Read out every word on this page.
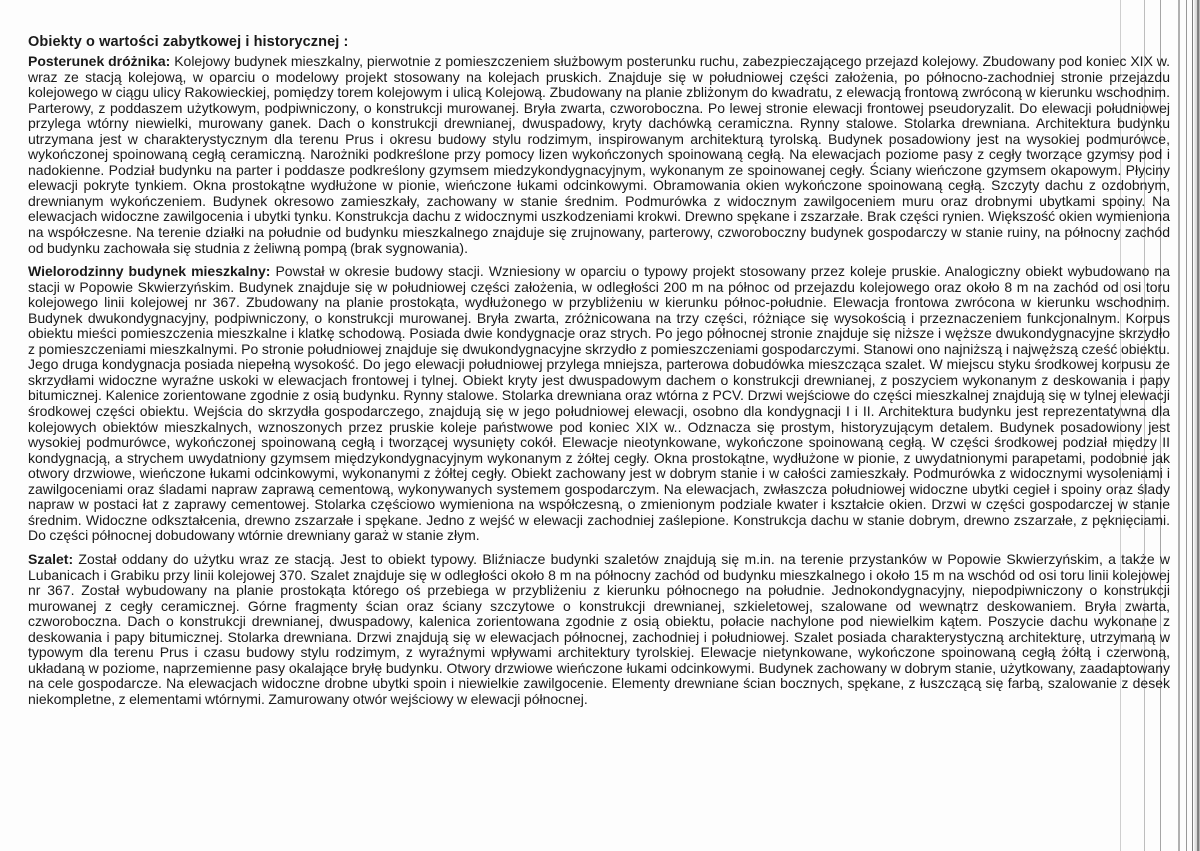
Obiekty o wartości zabytkowej i historycznej :

Posterunek dróżnika: Kolejowy budynek mieszkalny, pierwotnie z pomieszczeniem służbowym posterunku ruchu, zabezpieczającego przejazd kolejowy. Zbudowany pod koniec XIX w. wraz ze stacją kolejową, w oparciu o modelowy projekt stosowany na kolejach pruskich. Znajduje się w południowej części założenia, po północno-zachodniej stronie przejazdu kolejowego w ciągu ulicy Rakowieckiej, pomiędzy torem kolejowym i ulicą Kolejową. Zbudowany na planie zbliżonym do kwadratu, z elewacją frontową zwróconą w kierunku wschodnim. Parterowy, z poddaszem użytkowym, podpiwniczony, o konstrukcji murowanej. Bryła zwarta, czworoboczna. Po lewej stronie elewacji frontowej pseudoryzalit. Do elewacji południowej przylega wtórny niewielki, murowany ganek. Dach o konstrukcji drewnianej, dwuspadowy, kryty dachówką ceramiczna. Rynny stalowe. Stolarka drewniana. Architektura budynku utrzymana jest w charakterystycznym dla terenu Prus i okresu budowy stylu rodzimym, inspirowanym architekturą tyrolską. Budynek posadowiony jest na wysokiej podmurówce, wykończonej spoinowaną cegłą ceramiczną. Narożniki podkreślone przy pomocy lizen wykończonych spoinowaną cegłą. Na elewacjach poziome pasy z cegły tworzące gzymsy pod i nadokienne. Podział budynku na parter i poddasze podkreślony gzymsem miedzykondygnacyjnym, wykonanym ze spoinowanej cegły. Ściany wieńczone gzymsem okapowym. Płyciny elewacji pokryte tynkiem. Okna prostokątne wydłużone w pionie, wieńczone łukami odcinkowymi. Obramowania okien wykończone spoinowaną cegłą. Szczyty dachu z ozdobnym, drewnianym wykończeniem. Budynek okresowo zamieszkały, zachowany w stanie średnim. Podmurówka z widocznym zawilgoceniem muru oraz drobnymi ubytkami spoiny. Na elewacjach widoczne zawilgocenia i ubytki tynku. Konstrukcja dachu z widocznymi uszkodzeniami krokwi. Drewno spękane i zszarzałe. Brak części rynien. Większość okien wymieniona na współczesne. Na terenie działki na południe od budynku mieszkalnego znajduje się zrujnowany, parterowy, czworoboczny budynek gospodarczy w stanie ruiny, na północny zachód od budynku zachowała się studnia z żeliwną pompą (brak sygnowania).

Wielorodzinny budynek mieszkalny: Powstał w okresie budowy stacji. Wzniesiony w oparciu o typowy projekt stosowany przez koleje pruskie. Analogiczny obiekt wybudowano na stacji w Popowie Skwierzyńskim. Budynek znajduje się w południowej części założenia, w odległości 200 m na północ od przejazdu kolejowego oraz około 8 m na zachód od osi toru kolejowego linii kolejowej nr 367. Zbudowany na planie prostokąta, wydłużonego w przybliżeniu w kierunku północ-południe. Elewacja frontowa zwrócona w kierunku wschodnim. Budynek dwukondygnacyjny, podpiwniczony, o konstrukcji murowanej. Bryła zwarta, zróżnicowana na trzy części, różniące się wysokością i przeznaczeniem funkcjonalnym. Korpus obiektu mieści pomieszczenia mieszkalne i klatkę schodową. Posiada dwie kondygnacje oraz strych. Po jego północnej stronie znajduje się niższe i węższe dwukondygnacyjne skrzydło z pomieszczeniami mieszkalnymi. Po stronie południowej znajduje się dwukondygnacyjne skrzydło z pomieszczeniami gospodarczymi. Stanowi ono najniższą i najwęższą cześć obiektu. Jego druga kondygnacja posiada niepełną wysokość. Do jego elewacji południowej przylega mniejsza, parterowa dobudówka mieszcząca szalet. W miejscu styku środkowej korpusu ze skrzydłami widoczne wyraźne uskoki w elewacjach frontowej i tylnej. Obiekt kryty jest dwuspadowym dachem o konstrukcji drewnianej, z poszyciem wykonanym z deskowania i papy bitumicznej. Kalenice zorientowane zgodnie z osią budynku. Rynny stalowe. Stolarka drewniana oraz wtórna z PCV. Drzwi wejściowe do części mieszkalnej znajdują się w tylnej elewacji środkowej części obiektu. Wejścia do skrzydła gospodarczego, znajdują się w jego południowej elewacji, osobno dla kondygnacji I i II. Architektura budynku jest reprezentatywna dla kolejowych obiektów mieszkalnych, wznoszonych przez pruskie koleje państwowe pod koniec XIX w.. Odznacza się prostym, historyzującym detalem. Budynek posadowiony jest wysokiej podmurówce, wykończonej spoinowaną cegłą i tworzącej wysunięty cokół. Elewacje nieotynkowane, wykończone spoinowaną cegłą. W części środkowej podział między II kondygnacją, a strychem uwydatniony gzymsem międzykondygnacyjnym wykonanym z żółtej cegły. Okna prostokątne, wydłużone w pionie, z uwydatnionymi parapetami, podobnie jak otwory drzwiowe, wieńczone łukami odcinkowymi, wykonanymi z żółtej cegły. Obiekt zachowany jest w dobrym stanie i w całości zamieszkały. Podmurówka z widocznymi wysoleniami i zawilgoceniami oraz śladami napraw zaprawą cementową, wykonywanych systemem gospodarczym. Na elewacjach, zwłaszcza południowej widoczne ubytki cegieł i spoiny oraz ślady napraw w postaci łat z zaprawy cementowej. Stolarka częściowo wymieniona na współczesną, o zmienionym podziale kwater i kształcie okien. Drzwi w części gospodarczej w stanie średnim. Widoczne odkształcenia, drewno zszarzałe i spękane. Jedno z wejść w elewacji zachodniej zaślepione. Konstrukcja dachu w stanie dobrym, drewno zszarzałe, z pęknięciami. Do części północnej dobudowany wtórnie drewniany garaż w stanie złym.

Szalet: Został oddany do użytku wraz ze stacją. Jest to obiekt typowy. Bliźniacze budynki szaletów znajdują się m.in. na terenie przystanków w Popowie Skwierzyńskim, a także w Lubanicach i Grabiku przy linii kolejowej 370. Szalet znajduje się w odległości około 8 m na północny zachód od budynku mieszkalnego i około 15 m na wschód od osi toru linii kolejowej nr 367. Został wybudowany na planie prostokąta którego oś przebiega w przybliżeniu z kierunku północnego na południe. Jednokondygnacyjny, niepodpiwniczony o konstrukcji murowanej z cegły ceramicznej. Górne fragmenty ścian oraz ściany szczytowe o konstrukcji drewnianej, szkieletowej, szalowane od wewnątrz deskowaniem. Bryła zwarta, czworoboczna. Dach o konstrukcji drewnianej, dwuspadowy, kalenica zorientowana zgodnie z osią obiektu, połacie nachylone pod niewielkim kątem. Poszycie dachu wykonane z deskowania i papy bitumicznej. Stolarka drewniana. Drzwi znajdują się w elewacjach północnej, zachodniej i południowej. Szalet posiada charakterystyczną architekturę, utrzymaną w typowym dla terenu Prus i czasu budowy stylu rodzimym, z wyraźnymi wpływami architektury tyrolskiej. Elewacje nietynkowane, wykończone spoinowaną cegłą żółtą i czerwoną, układaną w poziome, naprzemienne pasy okalające bryłę budynku. Otwory drzwiowe wieńczone łukami odcinkowymi. Budynek zachowany w dobrym stanie, użytkowany, zaadaptowany na cele gospodarcze. Na elewacjach widoczne drobne ubytki spoin i niewielkie zawilgocenie. Elementy drewniane ścian bocznych, spękane, z łuszczącą się farbą, szalowanie z desek niekompletne, z elementami wtórnymi. Zamurowany otwór wejściowy w elewacji północnej.
